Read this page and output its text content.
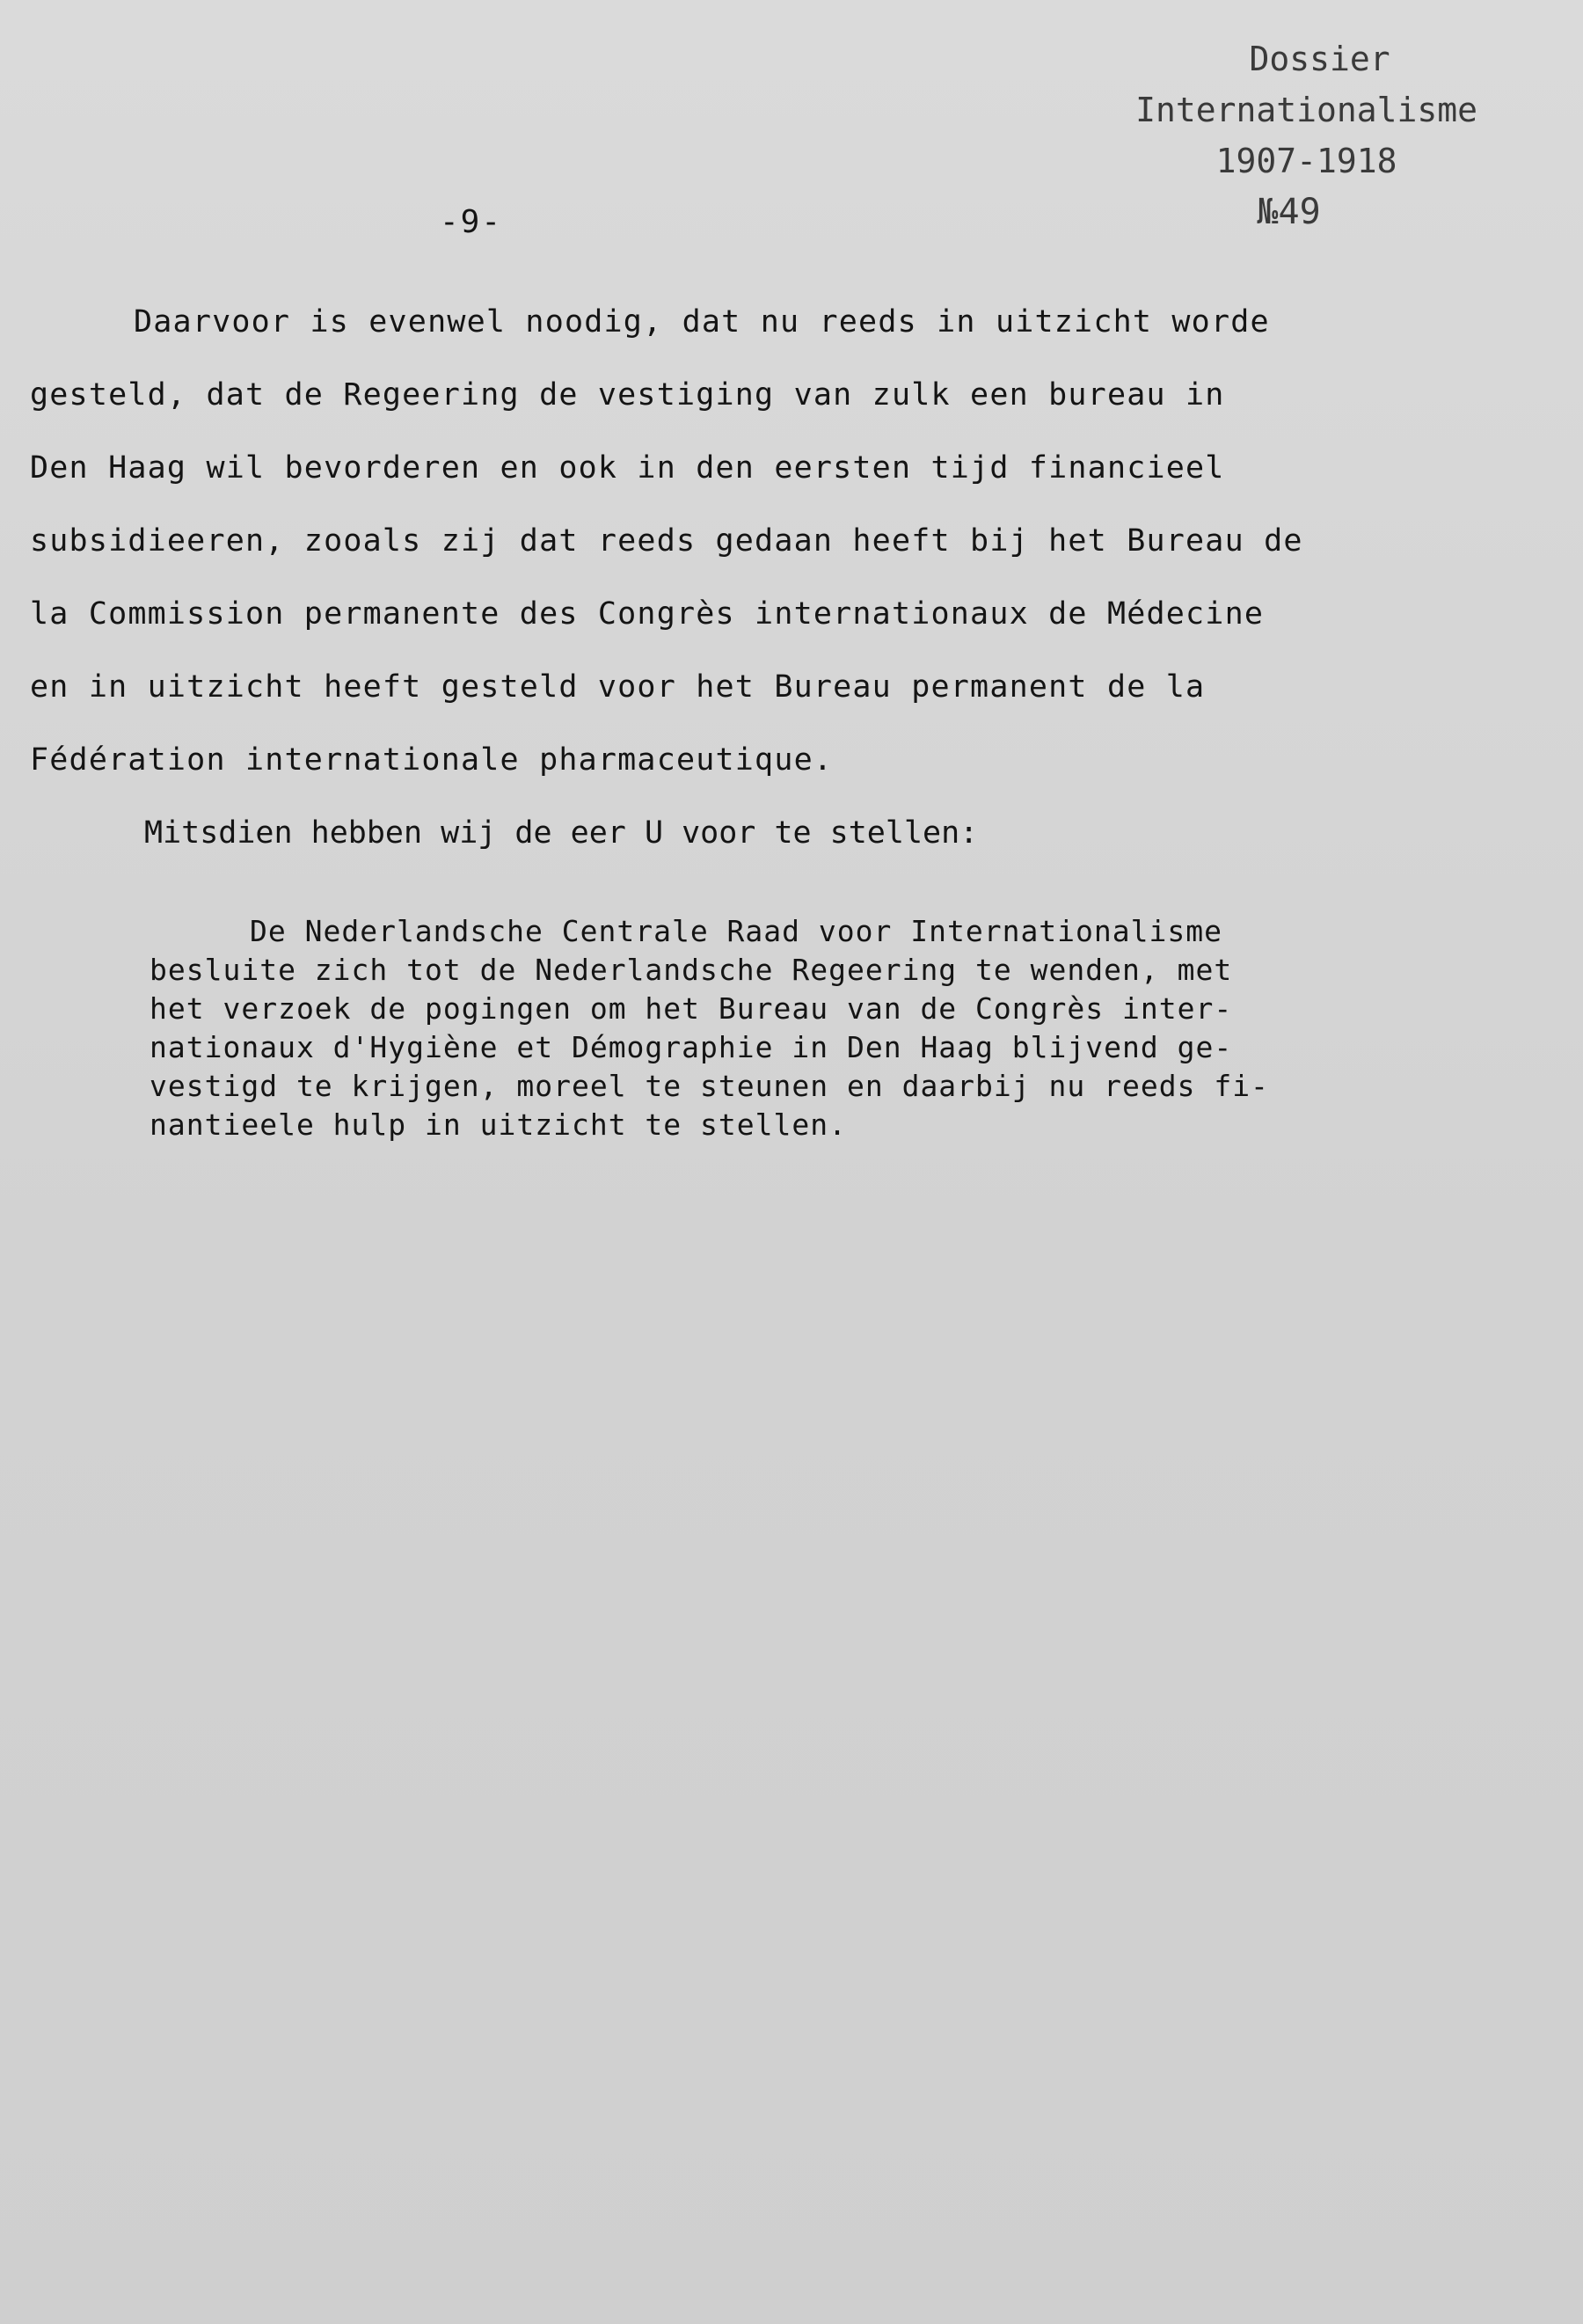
Dossier
Internationalisme
1907-1918
№49
-9-

Daarvoor is evenwel noodig, dat nu reeds in uitzicht worde

gesteld, dat de Regeering de vestiging van zulk een bureau in

Den Haag wil bevorderen en ook in den eersten tijd financieel

subsidieeren, zooals zij dat reeds gedaan heeft bij het Bureau de

la Commission permanente des Congrès internationaux de Médecine

en in uitzicht heeft gesteld voor het Bureau permanent de la

Fédération internationale pharmaceutique.

Mitsdien hebben wij de eer U voor te stellen:

De Nederlandsche Centrale Raad voor Internationalisme

besluite zich tot de Nederlandsche Regeering te wenden, met

het verzoek de pogingen om het Bureau van de Congrès inter-

nationaux d'Hygiène et Démographie in Den Haag blijvend ge-

vestigd te krijgen, moreel te steunen en daarbij nu reeds fi-

nantieele hulp in uitzicht te stellen.
